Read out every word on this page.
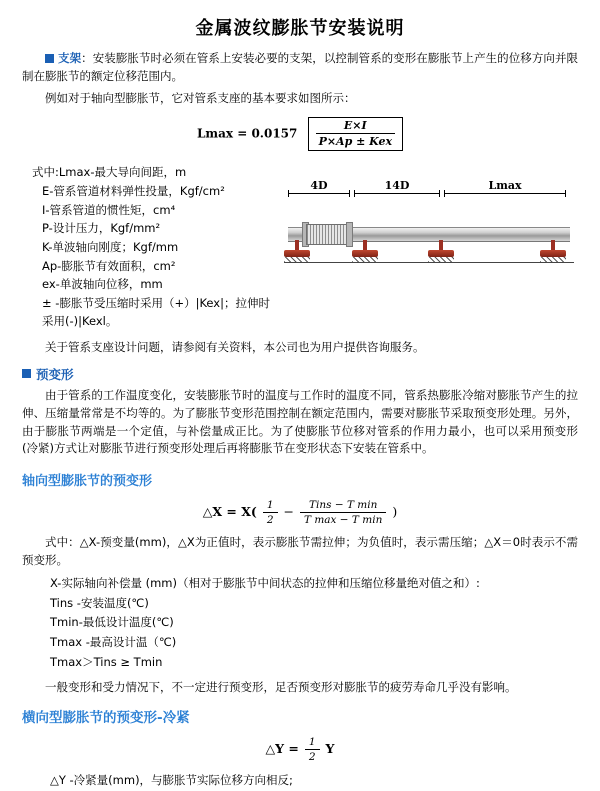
金属波纹膨胀节安装说明

支架：安装膨胀节时必须在管系上安装必要的支架，以控制管系的变形在膨胀节上产生的位移方向并限制在膨胀节的额定位移范围内。

例如对于轴向型膨胀节，它对管系支座的基本要求如图所示：

$Lmax = 0.0157 \frac{E\times I}{\text{P×Ap ± Kex}}$
式中:Lmax-最大导向间距，m
E-管系管道材料弹性投量，Kgf/cm²
I-管系管道的惯性矩，cm⁴
P-设计压力，Kgf/mm²
K-单波轴向刚度；Kgf/mm
Ap-膨胀节有效面积，cm²
ex-单波轴向位移，mm
± -膨胀节受压缩时采用（+）|Kex|；拉伸时采用(-)|Kexl。
4D	14D	Lmax

关于管系支座设计问题，请参阅有关资料，本公司也为用户提供咨询服务。

预变形

由于管系的工作温度变化，安装膨胀节时的温度与工作时的温度不同，管系热膨胀冷缩对膨胀节产生的拉伸、压缩量常常是不均等的。为了膨胀节变形范围控制在额定范围内，需要对膨胀节采取预变形处理。另外，由于膨胀节两端是一个定值，与补偿量成正比。为了使膨胀节位移对管系的作用力最小，也可以采用预变形(冷紧)方式让对膨胀节进行预变形处理后再将膨胀节在变形状态下安装在管系中。

轴向型膨胀节的预变形
△X = $X( \frac{1}{2}$ −	Tins − T min
T max − T min
)

式中：△X-预变量(mm)，△X为正值时，表示膨胀节需拉伸；为负值时，表示需压缩；△X＝0时表示不需预变形。

X-实际轴向补偿量 (mm)（相对于膨胀节中间状态的拉伸和压缩位移量绝对值之和）:

Tins -安装温度(℃)

Tmin-最低设计温度(℃)

Tmax -最高设计温（℃)

Tmax＞Tins ≥ Tmin

一般变形和受力情况下，不一定进行预变形，足否预变形对膨胀节的疲劳寿命几乎没有影响。

横向型膨胀节的预变形-冷紧
△Y = $\frac{1}{2}$ Y

△Y -冷紧量(mm)，与膨胀节实际位移方向相反;
